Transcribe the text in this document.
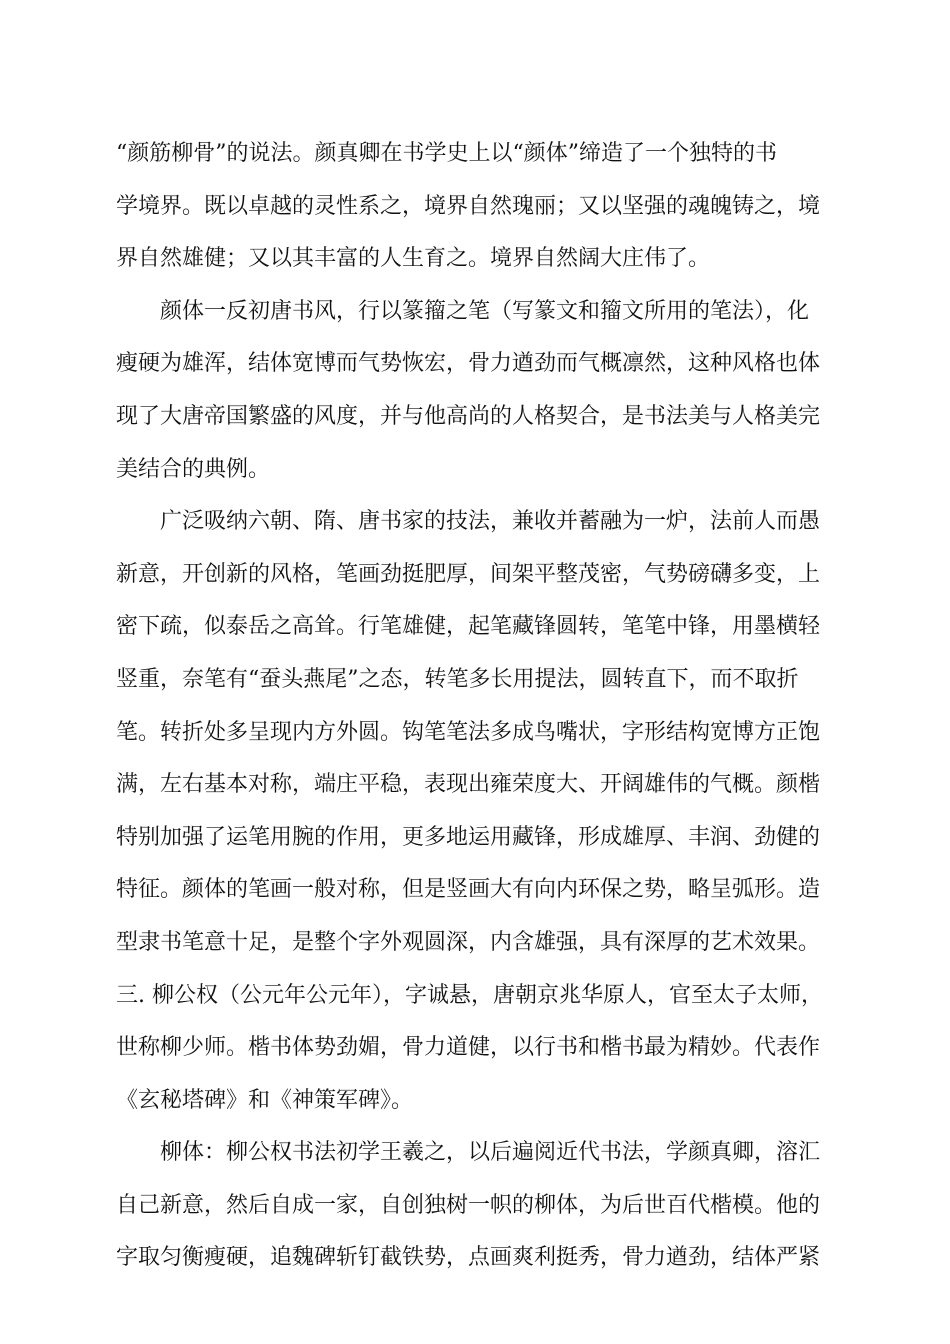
“颜筋柳骨”的说法。颜真卿在书学史上以“颜体”缔造了一个独特的书
学境界。既以卓越的灵性系之，境界自然瑰丽；又以坚强的魂魄铸之，境
界自然雄健；又以其丰富的人生育之。境界自然阔大庄伟了。
颜体一反初唐书风，行以篆籀之笔（写篆文和籀文所用的笔法），化
瘦硬为雄浑，结体宽博而气势恢宏，骨力遒劲而气概凛然，这种风格也体
现了大唐帝国繁盛的风度，并与他高尚的人格契合，是书法美与人格美完
美结合的典例。
广泛吸纳六朝、隋、唐书家的技法，兼收并蓄融为一炉，法前人而愚
新意，开创新的风格，笔画劲挺肥厚，间架平整茂密，气势磅礴多变，上
密下疏，似泰岳之高耸。行笔雄健，起笔藏锋圆转，笔笔中锋，用墨横轻
竖重，奈笔有“蚕头燕尾”之态，转笔多长用提法，圆转直下，而不取折
笔。转折处多呈现内方外圆。钩笔笔法多成鸟嘴状，字形结构宽博方正饱
满，左右基本对称，端庄平稳，表现出雍荣度大、开阔雄伟的气概。颜楷
特别加强了运笔用腕的作用，更多地运用藏锋，形成雄厚、丰润、劲健的
特征。颜体的笔画一般对称，但是竖画大有向内环保之势，略呈弧形。造
型隶书笔意十足，是整个字外观圆深，内含雄强，具有深厚的艺术效果。
三. 柳公权（公元年公元年），字诚悬，唐朝京兆华原人，官至太子太师，
世称柳少师。楷书体势劲媚，骨力道健，以行书和楷书最为精妙。代表作
《玄秘塔碑》和《神策军碑》。
柳体：柳公权书法初学王羲之，以后遍阅近代书法，学颜真卿，溶汇
自己新意，然后自成一家，自创独树一帜的柳体，为后世百代楷模。他的
字取匀衡瘦硬，追魏碑斩钉截铁势，点画爽利挺秀，骨力遒劲，结体严紧
